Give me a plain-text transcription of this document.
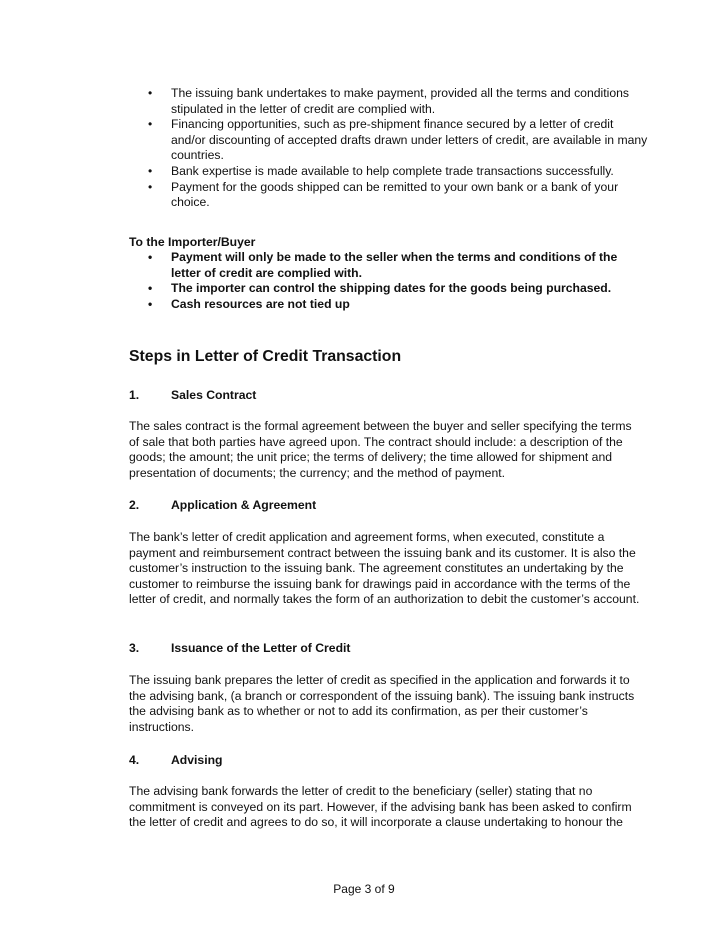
• The issuing bank undertakes to make payment, provided all the terms and conditions stipulated in the letter of credit are complied with.
• Financing opportunities, such as pre-shipment finance secured by a letter of credit and/or discounting of accepted drafts drawn under letters of credit, are available in many countries.
• Bank expertise is made available to help complete trade transactions successfully.
• Payment for the goods shipped can be remitted to your own bank or a bank of your choice.
To the Importer/Buyer
• Payment will only be made to the seller when the terms and conditions of the letter of credit are complied with.
• The importer can control the shipping dates for the goods being purchased.
• Cash resources are not tied up
Steps in Letter of Credit Transaction
1.	Sales Contract

The sales contract is the formal agreement between the buyer and seller specifying the terms of sale that both parties have agreed upon. The contract should include: a description of the goods; the amount; the unit price; the terms of delivery; the time allowed for shipment and presentation of documents; the currency; and the method of payment.

2.	Application & Agreement

The bank’s letter of credit application and agreement forms, when executed, constitute a payment and reimbursement contract between the issuing bank and its customer. It is also the customer’s instruction to the issuing bank. The agreement constitutes an undertaking by the customer to reimburse the issuing bank for drawings paid in accordance with the terms of the letter of credit, and normally takes the form of an authorization to debit the customer’s account.

3.	Issuance of the Letter of Credit

The issuing bank prepares the letter of credit as specified in the application and forwards it to the advising bank, (a branch or correspondent of the issuing bank). The issuing bank instructs the advising bank as to whether or not to add its confirmation, as per their customer’s instructions.

4.	Advising

The advising bank forwards the letter of credit to the beneficiary (seller) stating that no commitment is conveyed on its part. However, if the advising bank has been asked to confirm the letter of credit and agrees to do so, it will incorporate a clause undertaking to honour the

Page 3 of 9
